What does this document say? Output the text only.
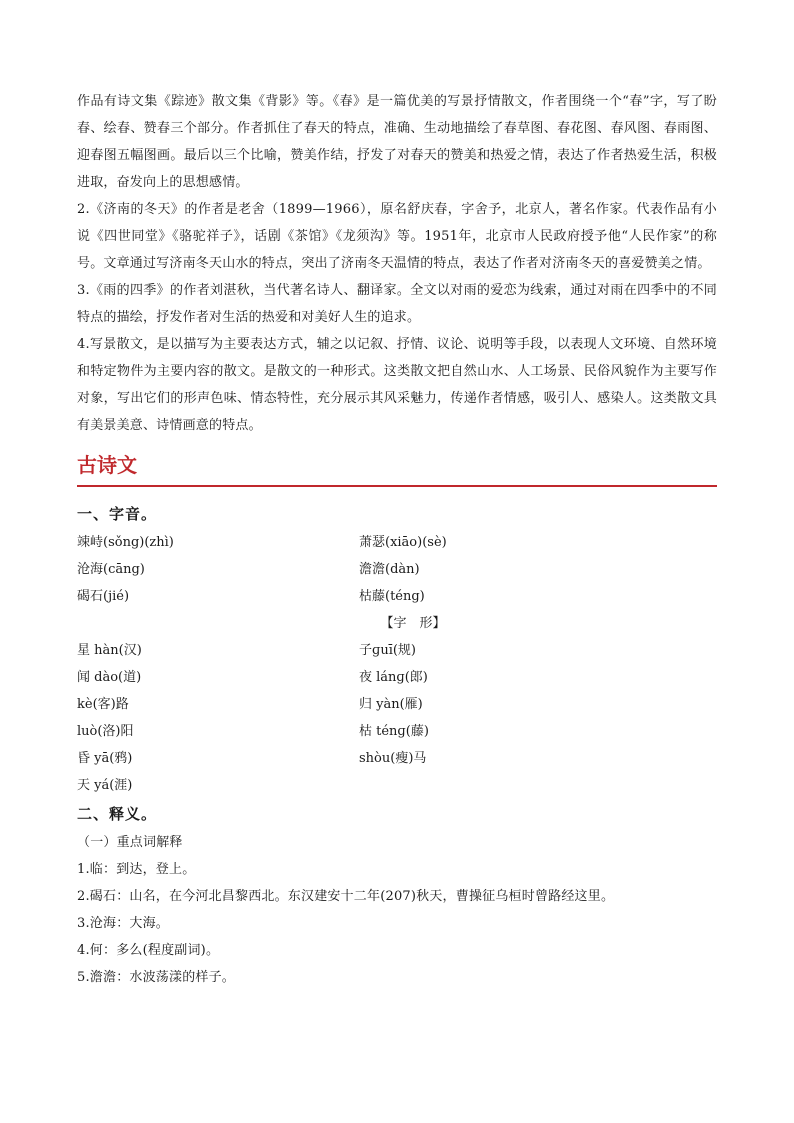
作品有诗文集《踪迹》散文集《背影》等。《春》是一篇优美的写景抒情散文，作者围绕一个“春”字，写了盼春、绘春、赞春三个部分。作者抓住了春天的特点，准确、生动地描绘了春草图、春花图、春风图、春雨图、迎春图五幅图画。最后以三个比喻，赞美作结，抒发了对春天的赞美和热爱之情，表达了作者热爱生活，积极进取，奋发向上的思想感情。

2.《济南的冬天》的作者是老舍（1899—1966），原名舒庆春，字舍予，北京人，著名作家。代表作品有小说《四世同堂》《骆驼祥子》，话剧《茶馆》《龙须沟》等。1951年，北京市人民政府授予他“人民作家”的称号。文章通过写济南冬天山水的特点，突出了济南冬天温情的特点，表达了作者对济南冬天的喜爱赞美之情。

3.《雨的四季》的作者刘湛秋，当代著名诗人、翻译家。全文以对雨的爱恋为线索，通过对雨在四季中的不同特点的描绘，抒发作者对生活的热爱和对美好人生的追求。

4.写景散文，是以描写为主要表达方式，辅之以记叙、抒情、议论、说明等手段，以表现人文环境、自然环境和特定物件为主要内容的散文。是散文的一种形式。这类散文把自然山水、人工场景、民俗风貌作为主要写作对象，写出它们的形声色味、情态特性，充分展示其风采魅力，传递作者情感，吸引人、感染人。这类散文具有美景美意、诗情画意的特点。

古诗文
一、字音。
竦峙(sǒng)(zhì)	萧瑟(xiāo)(sè)
沧海(cāng)	澹澹(dàn)
碣石(jié)	枯藤(téng)
【字　形】
星 hàn(汉)	子ɡuī(规)
闻 dào(道)	夜 lánɡ(郎)
kè(客)路	归 yàn(雁)
luò(洛)阳	枯 ténɡ(藤)
昏 yā(鸦)	shòu(瘦)马
天 yá(涯)
二、释义。

（一）重点词解释

1.临：到达，登上。

2.碣石：山名，在今河北昌黎西北。东汉建安十二年(207)秋天，曹操征乌桓时曾路经这里。

3.沧海：大海。

4.何：多么(程度副词)。

5.澹澹：水波荡漾的样子。
